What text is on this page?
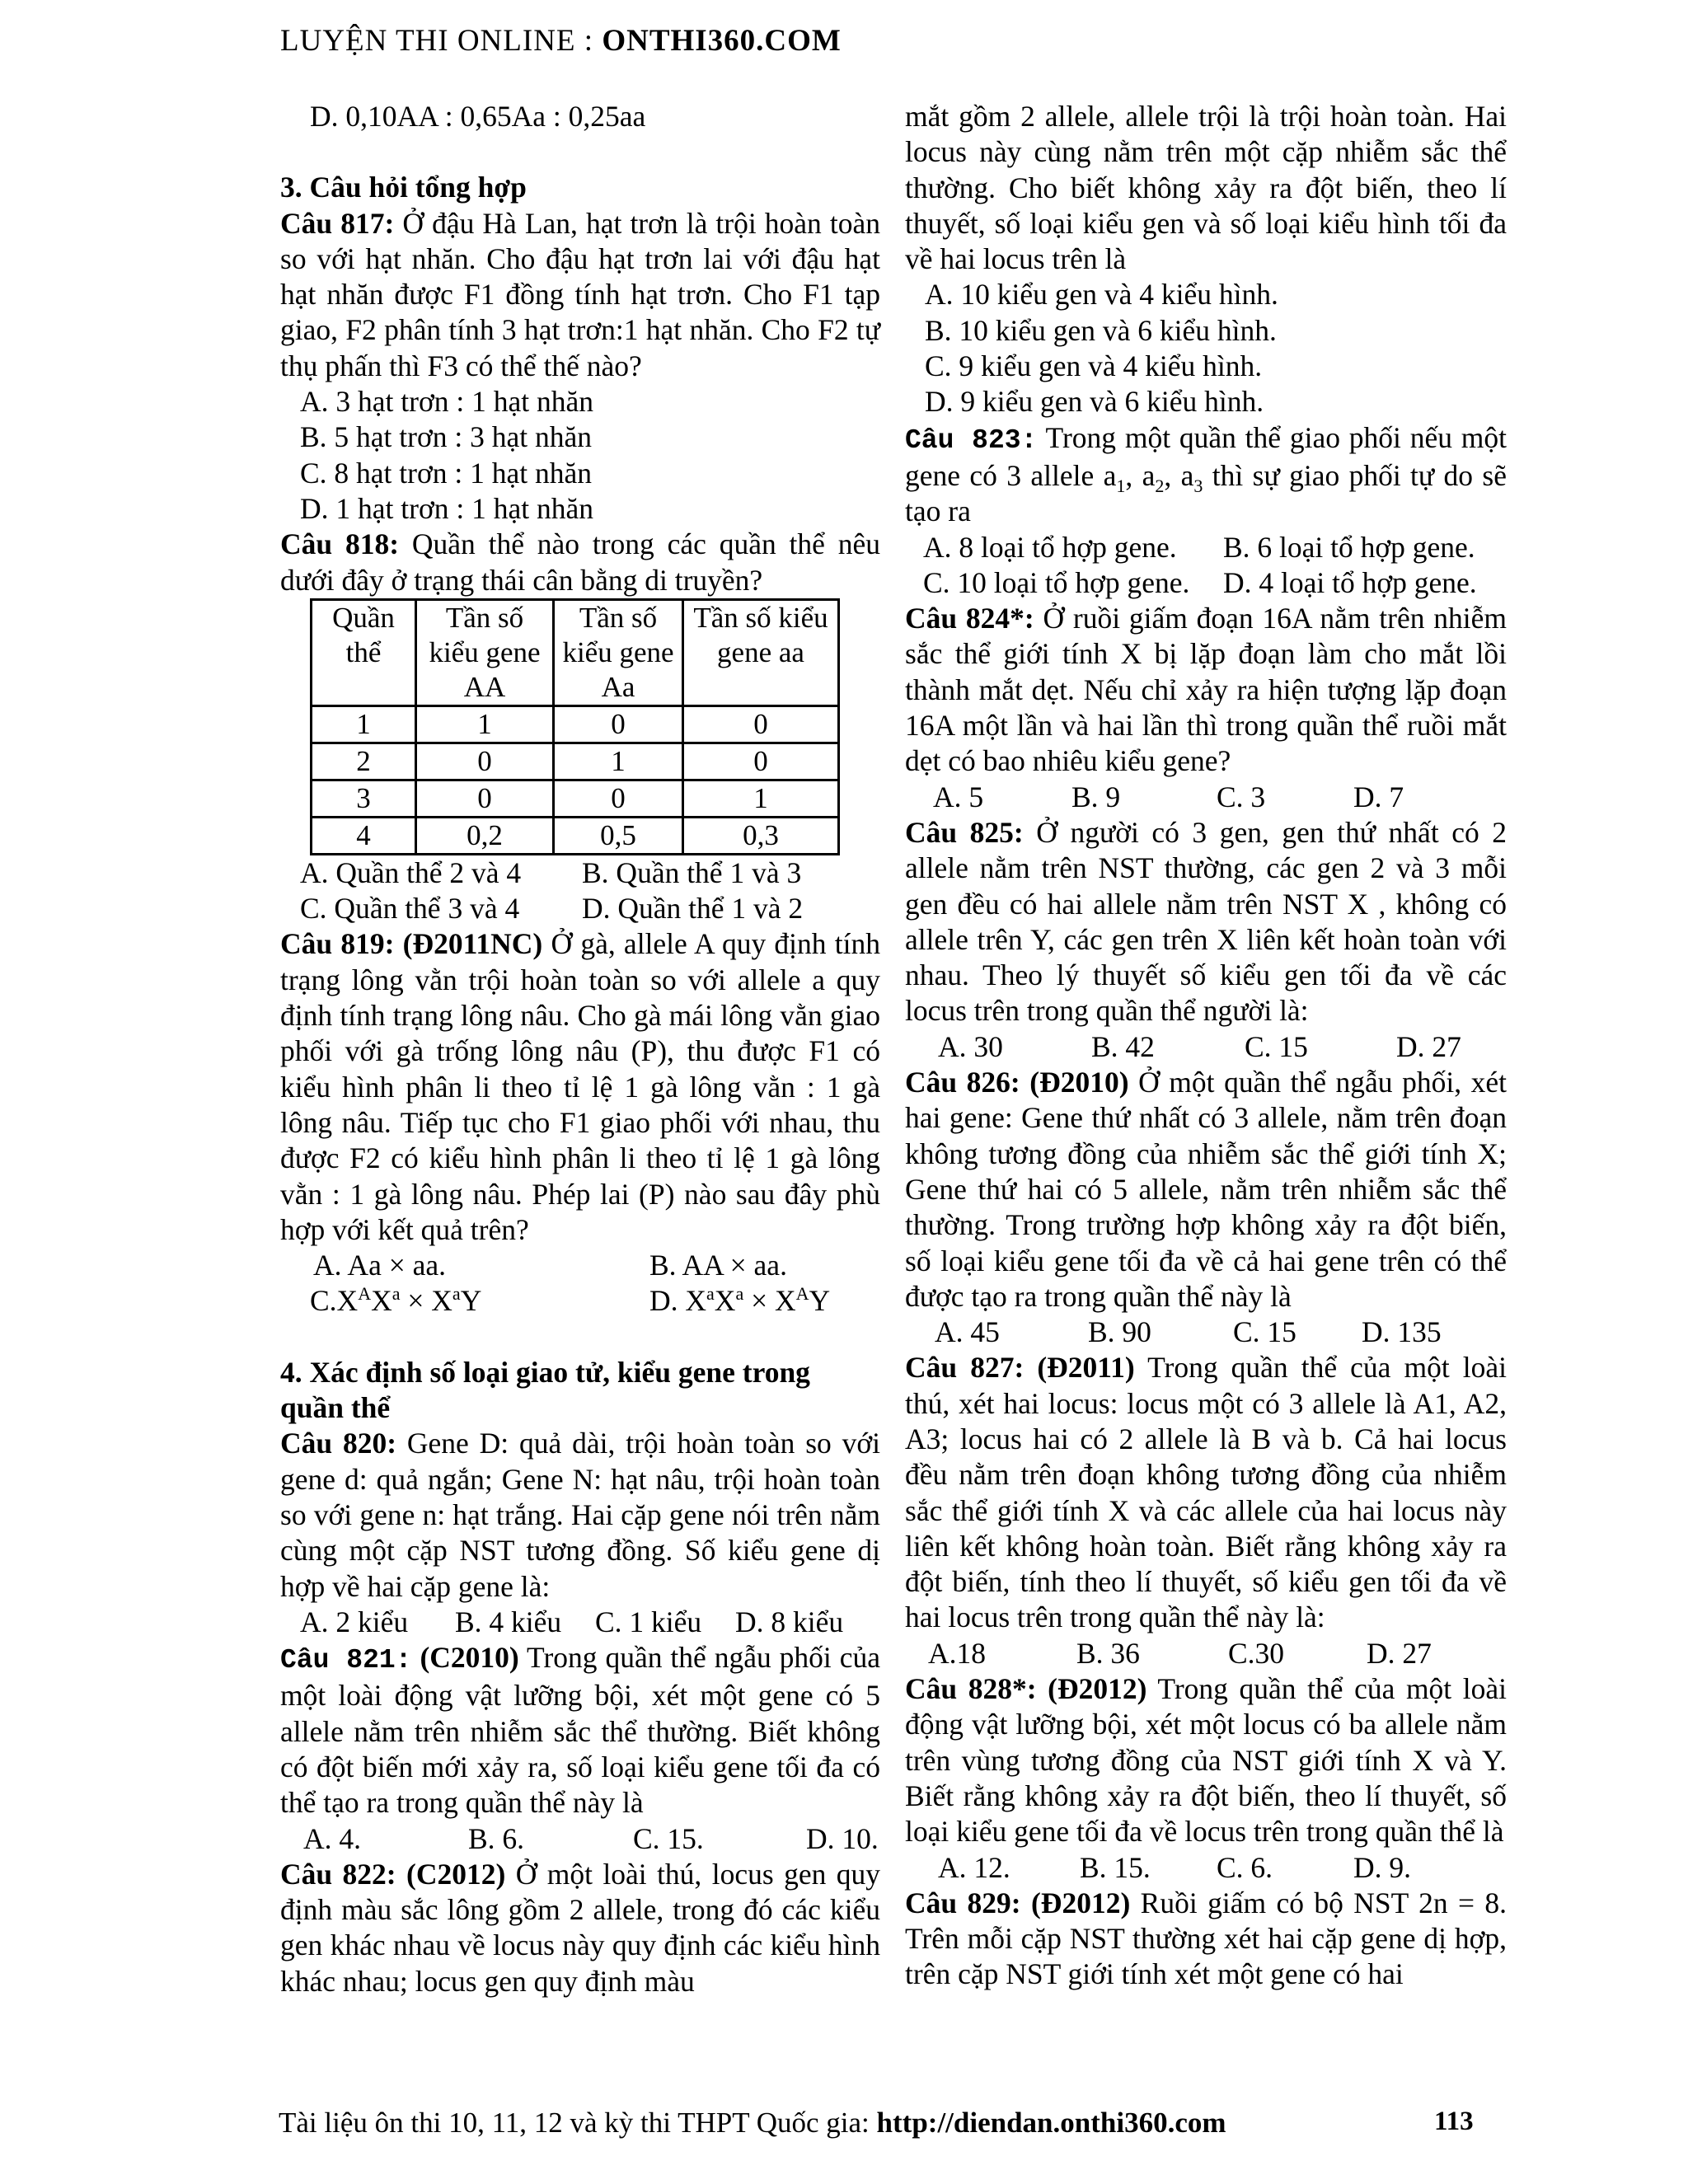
LUYỆN THI ONLINE : ONTHI360.COM

D. 0,10AA : 0,65Aa : 0,25aa

3. Câu hỏi tổng hợp

Câu 817: Ở đậu Hà Lan, hạt trơn là trội hoàn toàn so với hạt nhăn. Cho đậu hạt trơn lai với đậu hạt hạt nhăn được F1 đồng tính hạt trơn. Cho F1 tạp giao, F2 phân tính 3 hạt trơn:1 hạt nhăn. Cho F2 tự thụ phấn thì F3 có thể thế nào?

A. 3 hạt trơn : 1 hạt nhăn

B. 5 hạt trơn : 3 hạt nhăn

C. 8 hạt trơn : 1 hạt nhăn

D. 1 hạt trơn : 1 hạt nhăn

Câu 818: Quần thể nào trong các quần thể nêu dưới đây ở trạng thái cân bằng di truyền?

Quần thể	Tần số kiểu gene AA	Tần số kiểu gene Aa	Tần số kiểu gene aa
1	1	0	0
2	0	1	0
3	0	0	1
4	0,2	0,5	0,3
A. Quần thể 2 và 4	B. Quần thể 1 và 3
C. Quần thể 3 và 4	D. Quần thể 1 và 2

Câu 819: (Đ2011NC) Ở gà, allele A quy định tính trạng lông vằn trội hoàn toàn so với allele a quy định tính trạng lông nâu. Cho gà mái lông vằn giao phối với gà trống lông nâu (P), thu được F1 có kiểu hình phân li theo tỉ lệ 1 gà lông vằn : 1 gà lông nâu. Tiếp tục cho F1 giao phối với nhau, thu được F2 có kiểu hình phân li theo tỉ lệ 1 gà lông vằn : 1 gà lông nâu. Phép lai (P) nào sau đây phù hợp với kết quả trên?

A. Aa × aa.	B. AA × aa.
$C.X^AX^a \times X^aY$	D. $X^aX^a \times X^AY$

4. Xác định số loại giao tử, kiểu gene trong quần thể

Câu 820: Gene D: quả dài, trội hoàn toàn so với gene d: quả ngắn; Gene N: hạt nâu, trội hoàn toàn so với gene n: hạt trắng. Hai cặp gene nói trên nằm cùng một cặp NST tương đồng. Số kiểu gene dị hợp về hai cặp gene là:

A. 2 kiểu	B. 4 kiểu	C. 1 kiểu	D. 8 kiểu

Câu 821: (C2010) Trong quần thể ngẫu phối của một loài động vật lưỡng bội, xét một gene có 5 allele nằm trên nhiễm sắc thể thường. Biết không có đột biến mới xảy ra, số loại kiểu gene tối đa có thể tạo ra trong quần thể này là

A. 4.	B. 6.	C. 15.	D. 10.

Câu 822: (C2012) Ở một loài thú, locus gen quy định màu sắc lông gồm 2 allele, trong đó các kiểu gen khác nhau về locus này quy định các kiểu hình khác nhau; locus gen quy định màu

mắt gồm 2 allele, allele trội là trội hoàn toàn. Hai locus này cùng nằm trên một cặp nhiễm sắc thể thường. Cho biết không xảy ra đột biến, theo lí thuyết, số loại kiểu gen và số loại kiểu hình tối đa về hai locus trên là

A. 10 kiểu gen và 4 kiểu hình.

B. 10 kiểu gen và 6 kiểu hình.

C. 9 kiểu gen và 4 kiểu hình.

D. 9 kiểu gen và 6 kiểu hình.

Câu 823: Trong một quần thể giao phối nếu một gene có 3 allele $a_1$, $a_2$, $a_3$ thì sự giao phối tự do sẽ tạo ra

A. 8 loại tổ hợp gene.	B. 6 loại tổ hợp gene.
C. 10 loại tổ hợp gene.	D. 4 loại tổ hợp gene.

Câu 824*: Ở ruồi giấm đoạn 16A nằm trên nhiễm sắc thể giới tính X bị lặp đoạn làm cho mắt lồi thành mắt dẹt. Nếu chỉ xảy ra hiện tượng lặp đoạn 16A một lần và hai lần thì trong quần thể ruồi mắt dẹt có bao nhiêu kiểu gene?

A. 5	B. 9	C. 3	D. 7

Câu 825: Ở người có 3 gen, gen thứ nhất có 2 allele nằm trên NST thường, các gen 2 và 3 mỗi gen đều có hai allele nằm trên NST X , không có allele trên Y, các gen trên X liên kết hoàn toàn với nhau. Theo lý thuyết số kiểu gen tối đa về các locus trên trong quần thể người là:

A. 30	B. 42	C. 15	D. 27

Câu 826: (Đ2010) Ở một quần thể ngẫu phối, xét hai gene: Gene thứ nhất có 3 allele, nằm trên đoạn không tương đồng của nhiễm sắc thể giới tính X; Gene thứ hai có 5 allele, nằm trên nhiễm sắc thể thường. Trong trường hợp không xảy ra đột biến, số loại kiểu gene tối đa về cả hai gene trên có thể được tạo ra trong quần thể này là

A. 45	B. 90	C. 15	D. 135

Câu 827: (Đ2011) Trong quần thể của một loài thú, xét hai locus: locus một có 3 allele là A1, A2, A3; locus hai có 2 allele là B và b. Cả hai locus đều nằm trên đoạn không tương đồng của nhiễm sắc thể giới tính X và các allele của hai locus này liên kết không hoàn toàn. Biết rằng không xảy ra đột biến, tính theo lí thuyết, số kiểu gen tối đa về hai locus trên trong quần thể này là:

A.18	B. 36	C.30	D. 27

Câu 828*: (Đ2012) Trong quần thể của một loài động vật lưỡng bội, xét một locus có ba allele nằm trên vùng tương đồng của NST giới tính X và Y. Biết rằng không xảy ra đột biến, theo lí thuyết, số loại kiểu gene tối đa về locus trên trong quần thể là

A. 12.	B. 15.	C. 6.	D. 9.

Câu 829: (Đ2012) Ruồi giấm có bộ NST 2n = 8. Trên mỗi cặp NST thường xét hai cặp gene dị hợp, trên cặp NST giới tính xét một gene có hai

Tài liệu ôn thi 10, 11, 12 và kỳ thi THPT Quốc gia: http://diendan.onthi360.com	113
